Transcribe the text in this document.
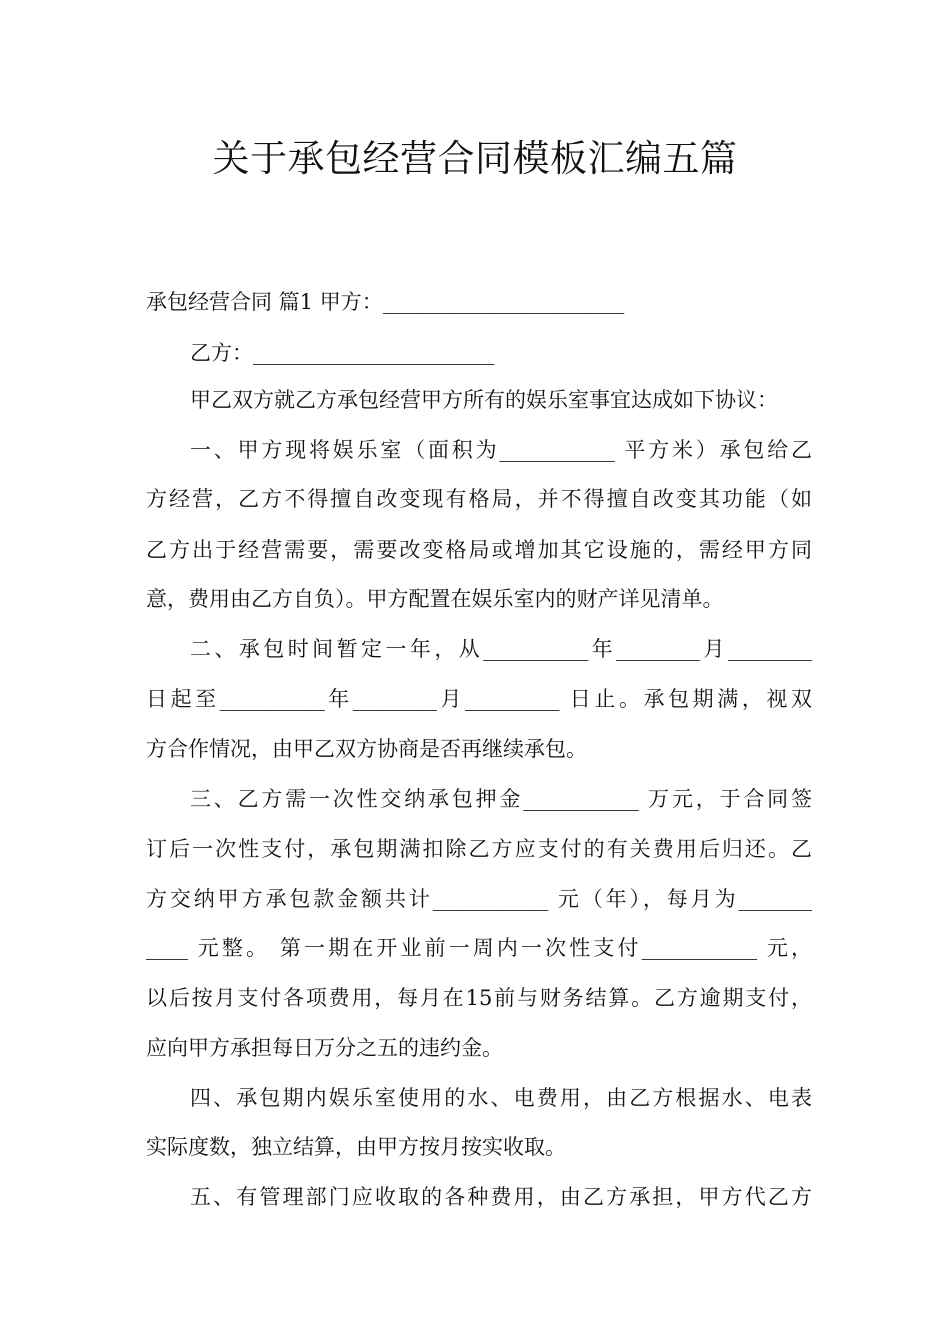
关于承包经营合同模板汇编五篇
承包经营合同 篇1 甲方：_______________________
乙方：_______________________
甲乙双方就乙方承包经营甲方所有的娱乐室事宜达成如下协议：
一、甲方现将娱乐室（面积为___________ 平方米）承包给乙
方经营，乙方不得擅自改变现有格局，并不得擅自改变其功能（如
乙方出于经营需要，需要改变格局或增加其它设施的，需经甲方同
意，费用由乙方自负）。甲方配置在娱乐室内的财产详见清单。
二、承包时间暂定一年，从__________年________月________
日起至__________年________月_________ 日止。承包期满，视双
方合作情况，由甲乙双方协商是否再继续承包。
三、乙方需一次性交纳承包押金___________ 万元，于合同签
订后一次性支付，承包期满扣除乙方应支付的有关费用后归还。乙
方交纳甲方承包款金额共计___________ 元（年），每月为_______
____ 元整。 第一期在开业前一周内一次性支付___________ 元，
以后按月支付各项费用，每月在15前与财务结算。乙方逾期支付，
应向甲方承担每日万分之五的违约金。
四、承包期内娱乐室使用的水、电费用，由乙方根据水、电表
实际度数，独立结算，由甲方按月按实收取。
五、有管理部门应收取的各种费用，由乙方承担，甲方代乙方
